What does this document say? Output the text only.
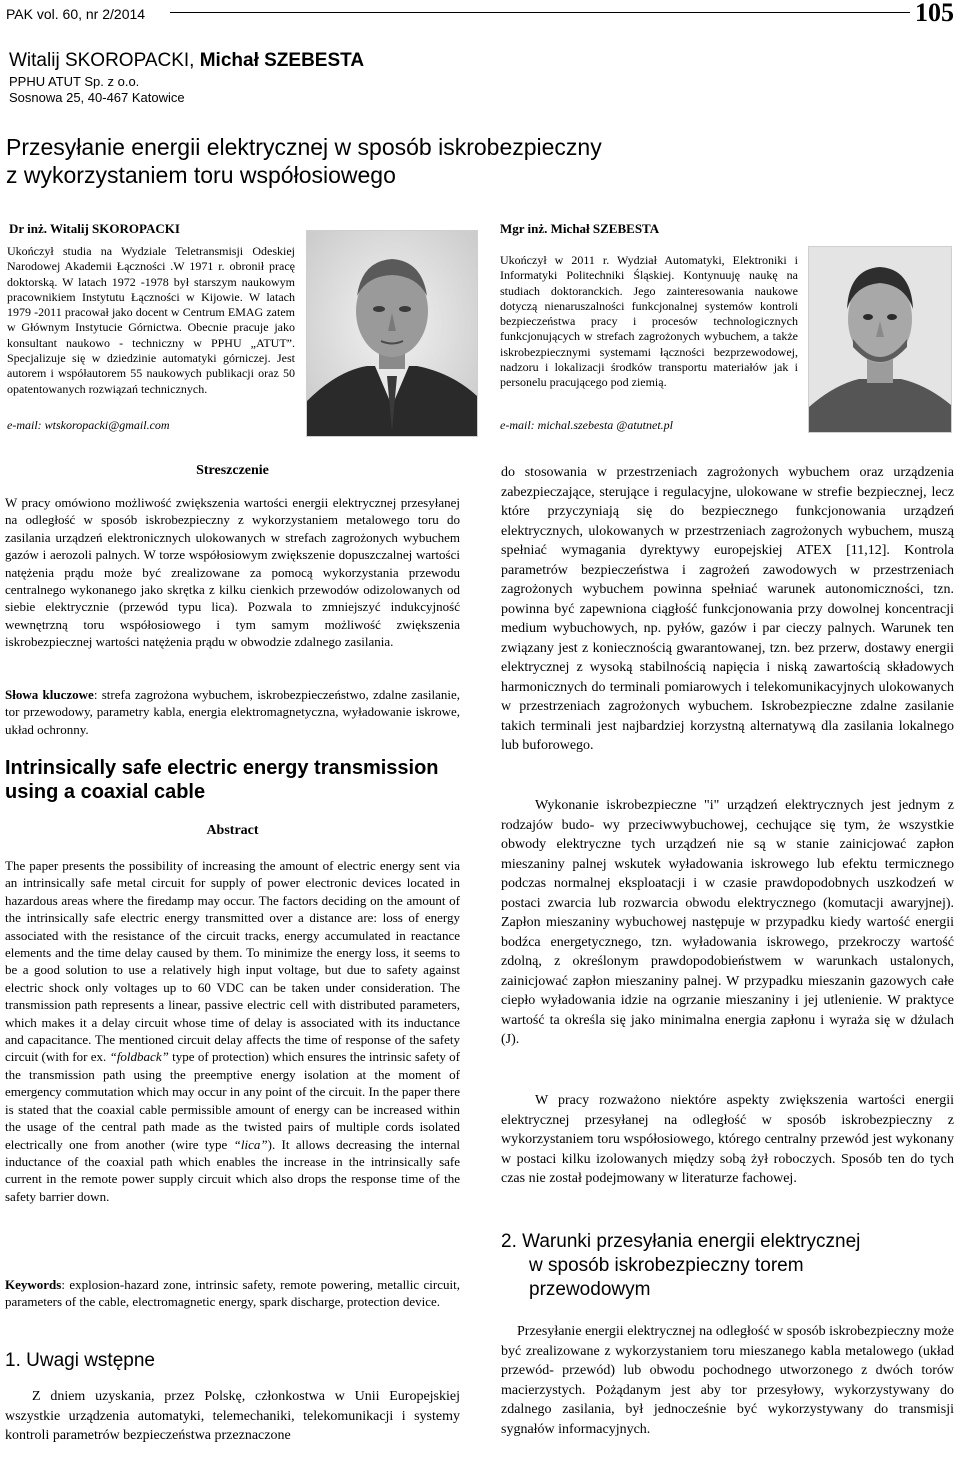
PAK vol. 60, nr 2/2014	105
Witalij SKOROPACKI, Michał SZEBESTA
PPHU ATUT Sp. z o.o.
Sosnowa 25, 40-467 Katowice
Przesyłanie energii elektrycznej w sposób iskrobezpieczny
z wykorzystaniem toru współosiowego
Dr inż. Witalij SKOROPACKI
Ukończył studia na Wydziale Teletransmisji Odeskiej Narodowej Akademii Łączności .W 1971 r. obronił pracę doktorską. W latach 1972 -1978 był starszym naukowym pracownikiem Instytutu Łączności w Kijowie. W latach 1979 -2011 pracował jako docent w Centrum EMAG zatem w Głównym Instytucie Górnictwa. Obecnie pracuje jako konsultant naukowo - techniczny w PPHU „ATUT”. Specjalizuje się w dziedzinie automatyki górniczej. Jest autorem i współautorem 55 naukowych publikacji oraz 50 opatentowanych rozwiązań technicznych.
e-mail: wtskoropacki@gmail.com
Mgr inż. Michał SZEBESTA
Ukończył w 2011 r. Wydział Automatyki, Elektroniki i Informatyki Politechniki Śląskiej. Kontynuuję naukę na studiach doktoranckich. Jego zainteresowania naukowe dotyczą nienaruszalności funkcjonalnej systemów kontroli bezpieczeństwa pracy i procesów technologicznych funkcjonujących w strefach zagrożonych wybuchem, a także iskrobezpiecznymi systemami łączności bezprzewodowej, nadzoru i lokalizacji środków transportu materiałów jak i personelu pracującego pod ziemią.
e-mail: michal.szebesta @atutnet.pl
Streszczenie
W pracy omówiono możliwość zwiększenia wartości energii elektrycznej przesyłanej na odległość w sposób iskrobezpieczny z wykorzystaniem metalowego toru do zasilania urządzeń elektronicznych ulokowanych w strefach zagrożonych wybuchem gazów i aerozoli palnych. W torze współosiowym zwiększenie dopuszczalnej wartości natężenia prądu może być zrealizowane za pomocą wykorzystania przewodu centralnego wykonanego jako skrętka z kilku cienkich przewodów odizolowanych od siebie elektrycznie (przewód typu lica). Pozwala to zmniejszyć indukcyjność wewnętrzną toru współosiowego i tym samym możliwość zwiększenia iskrobezpiecznej wartości natężenia prądu w obwodzie zdalnego zasilania.
Słowa kluczowe: strefa zagrożona wybuchem, iskrobezpieczeństwo, zdalne zasilanie, tor przewodowy, parametry kabla, energia elektromagnetyczna, wyładowanie iskrowe, układ ochronny.
Intrinsically safe electric energy transmission
using a coaxial cable
Abstract
The paper presents the possibility of increasing the amount of electric energy sent via an intrinsically safe metal circuit for supply of power electronic devices located in hazardous areas where the firedamp may occur. The factors deciding on the amount of the intrinsically safe electric energy transmitted over a distance are: loss of energy associated with the resistance of the circuit tracks, energy accumulated in reactance elements and the time delay caused by them. To minimize the energy loss, it seems to be a good solution to use a relatively high input voltage, but due to safety against electric shock only voltages up to 60 VDC can be taken under consideration. The transmission path represents a linear, passive electric cell with distributed parameters, which makes it a delay circuit whose time of delay is associated with its inductance and capacitance. The mentioned circuit delay affects the time of response of the safety circuit (with for ex. “foldback” type of protection) which ensures the intrinsic safety of the transmission path using the preemptive energy isolation at the moment of emergency commutation which may occur in any point of the circuit. In the paper there is stated that the coaxial cable permissible amount of energy can be increased within the usage of the central path made as the twisted pairs of multiple cords isolated electrically one from another (wire type “lica”). It allows decreasing the internal inductance of the coaxial path which enables the increase in the intrinsically safe current in the remote power supply circuit which also drops the response time of the safety barrier down.
Keywords: explosion-hazard zone, intrinsic safety, remote powering, metallic circuit, parameters of the cable, electromagnetic energy, spark discharge, protection device.
1. Uwagi wstępne
Z dniem uzyskania, przez Polskę, członkostwa w Unii Europejskiej wszystkie urządzenia automatyki, telemechaniki, telekomunikacji i systemy kontroli parametrów bezpieczeństwa przeznaczone
do stosowania w przestrzeniach zagrożonych wybuchem oraz urządzenia zabezpieczające, sterujące i regulacyjne, ulokowane w strefie bezpiecznej, lecz które przyczyniają się do bezpiecznego funkcjonowania urządzeń elektrycznych, ulokowanych w przestrzeniach zagrożonych wybuchem, muszą spełniać wymagania dyrektywy europejskiej ATEX [11,12]. Kontrola parametrów bezpieczeństwa i zagrożeń zawodowych w przestrzeniach zagrożonych wybuchem powinna spełniać warunek autonomiczności, tzn. powinna być zapewniona ciągłość funkcjonowania przy dowolnej koncentracji medium wybuchowych, np. pyłów, gazów i par cieczy palnych. Warunek ten związany jest z koniecznością gwarantowanej, tzn. bez przerw, dostawy energii elektrycznej z wysoką stabilnością napięcia i niską zawartością składowych harmonicznych do terminali pomiarowych i telekomunikacyjnych ulokowanych w przestrzeniach zagrożonych wybuchem. Iskrobezpieczne zdalne zasilanie takich terminali jest najbardziej korzystną alternatywą dla zasilania lokalnego lub buforowego.
Wykonanie iskrobezpieczne "i" urządzeń elektrycznych jest jednym z rodzajów budo- wy przeciwwybuchowej, cechujące się tym, że wszystkie obwody elektryczne tych urządzeń nie są w stanie zainicjować zapłon mieszaniny palnej wskutek wyładowania iskrowego lub efektu termicznego podczas normalnej eksploatacji i w czasie prawdopodobnych uszkodzeń w postaci zwarcia lub rozwarcia obwodu elektrycznego (komutacji awaryjnej). Zapłon mieszaniny wybuchowej następuje w przypadku kiedy wartość energii bodźca energetycznego, tzn. wyładowania iskrowego, przekroczy wartość zdolną, z określonym prawdopodobieństwem w warunkach ustalonych, zainicjować zapłon mieszaniny palnej. W przypadku mieszanin gazowych całe ciepło wyładowania idzie na ogrzanie mieszaniny i jej utlenienie. W praktyce wartość ta określa się jako minimalna energia zapłonu i wyraża się w dżulach (J).
W pracy rozważono niektóre aspekty zwiększenia wartości energii elektrycznej przesyłanej na odległość w sposób iskrobezpieczny z wykorzystaniem toru współosiowego, którego centralny przewód jest wykonany w postaci kilku izolowanych między sobą żył roboczych. Sposób ten do tych czas nie został podejmowany w literaturze fachowej.
2. Warunki przesyłania energii elektrycznej
w sposób iskrobezpieczny torem
przewodowym
Przesyłanie energii elektrycznej na odległość w sposób iskrobezpieczny może być zrealizowane z wykorzystaniem toru mieszanego kabla metalowego (układ przewód- przewód) lub obwodu pochodnego utworzonego z dwóch torów macierzystych. Pożądanym jest aby tor przesyłowy, wykorzystywany do zdalnego zasilania, był jednocześnie być wykorzystywany do transmisji sygnałów informacyjnych.
